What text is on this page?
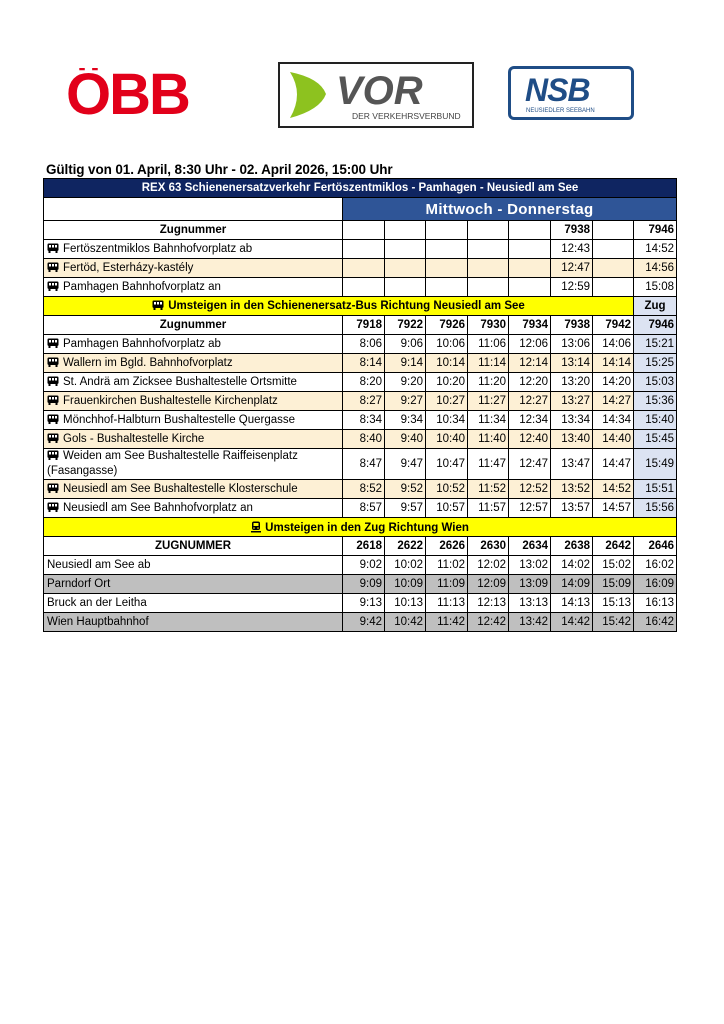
ÖBB	VOR
DER VERKEHRSVERBUND
NSB
NEUSIEDLER SEEBAHN
Gültig von 01. April, 8:30 Uhr - 02. April 2026, 15:00 Uhr
REX 63 Schienenersatzverkehr Fertöszentmiklos - Pamhagen - Neusiedl am See								
	Mittwoch - Donnerstag							
Zugnummer						7938		7946
Fertöszentmiklos Bahnhofvorplatz ab						12:43		14:52
Fertöd, Esterházy-kastély						12:47		14:56
Pamhagen Bahnhofvorplatz an						12:59		15:08
Umsteigen in den Schienenersatz-Bus Richtung Neusiedl am See								Zug
Zugnummer	7918	7922	7926	7930	7934	7938	7942	7946
Pamhagen Bahnhofvorplatz ab	8:06	9:06	10:06	11:06	12:06	13:06	14:06	15:21
Wallern im Bgld. Bahnhofvorplatz	8:14	9:14	10:14	11:14	12:14	13:14	14:14	15:25
St. Andrä am Zicksee Bushaltestelle Ortsmitte	8:20	9:20	10:20	11:20	12:20	13:20	14:20	15:03
Frauenkirchen Bushaltestelle Kirchenplatz	8:27	9:27	10:27	11:27	12:27	13:27	14:27	15:36
Mönchhof-Halbturn Bushaltestelle Quergasse	8:34	9:34	10:34	11:34	12:34	13:34	14:34	15:40
Gols - Bushaltestelle Kirche	8:40	9:40	10:40	11:40	12:40	13:40	14:40	15:45
Weiden am See Bushaltestelle Raiffeisenplatz (Fasangasse)	8:47	9:47	10:47	11:47	12:47	13:47	14:47	15:49
Neusiedl am See Bushaltestelle Klosterschule	8:52	9:52	10:52	11:52	12:52	13:52	14:52	15:51
Neusiedl am See Bahnhofvorplatz an	8:57	9:57	10:57	11:57	12:57	13:57	14:57	15:56
Umsteigen in den Zug Richtung Wien								
ZUGNUMMER	2618	2622	2626	2630	2634	2638	2642	2646
Neusiedl am See ab	9:02	10:02	11:02	12:02	13:02	14:02	15:02	16:02
Parndorf Ort	9:09	10:09	11:09	12:09	13:09	14:09	15:09	16:09
Bruck an der Leitha	9:13	10:13	11:13	12:13	13:13	14:13	15:13	16:13
Wien Hauptbahnhof	9:42	10:42	11:42	12:42	13:42	14:42	15:42	16:42
